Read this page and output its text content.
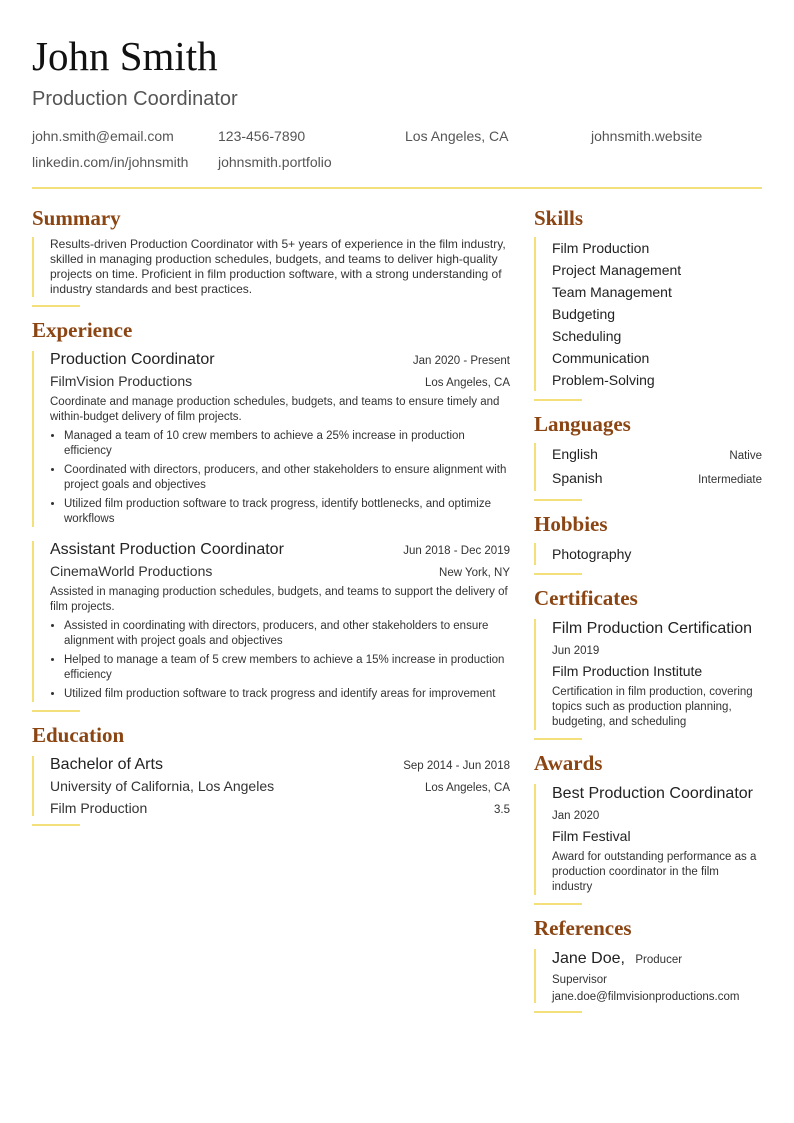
John Smith
Production Coordinator
john.smith@email.com	123-456-7890	Los Angeles, CA	johnsmith.website
linkedin.com/in/johnsmith johnsmith.portfolio
Summary
Results-driven Production Coordinator with 5+ years of experience in the film industry, skilled in managing production schedules, budgets, and teams to deliver high-quality projects on time. Proficient in film production software, with a strong understanding of industry standards and best practices.
Experience
Production Coordinator	Jan 2020 - Present
FilmVision Productions	Los Angeles, CA
Coordinate and manage production schedules, budgets, and teams to ensure timely and within-budget delivery of film projects.
• Managed a team of 10 crew members to achieve a 25% increase in production efficiency
• Coordinated with directors, producers, and other stakeholders to ensure alignment with project goals and objectives
• Utilized film production software to track progress, identify bottlenecks, and optimize workflows
Assistant Production Coordinator	Jun 2018 - Dec 2019
CinemaWorld Productions	New York, NY
Assisted in managing production schedules, budgets, and teams to support the delivery of film projects.
• Assisted in coordinating with directors, producers, and other stakeholders to ensure alignment with project goals and objectives
• Helped to manage a team of 5 crew members to achieve a 15% increase in production efficiency
• Utilized film production software to track progress and identify areas for improvement
Education
Bachelor of Arts	Sep 2014 - Jun 2018
University of California, Los Angeles	Los Angeles, CA
Film Production	3.5
Skills
Film Production
Project Management
Team Management
Budgeting
Scheduling
Communication
Problem-Solving
Languages
English	Native
Spanish	Intermediate
Hobbies
Photography
Certificates
Film Production Certification
Jun 2019
Film Production Institute
Certification in film production, covering topics such as production planning, budgeting, and scheduling
Awards
Best Production Coordinator
Jan 2020
Film Festival
Award for outstanding performance as a production coordinator in the film industry
References
Jane Doe, Producer
Supervisor
jane.doe@filmvisionproductions.com
